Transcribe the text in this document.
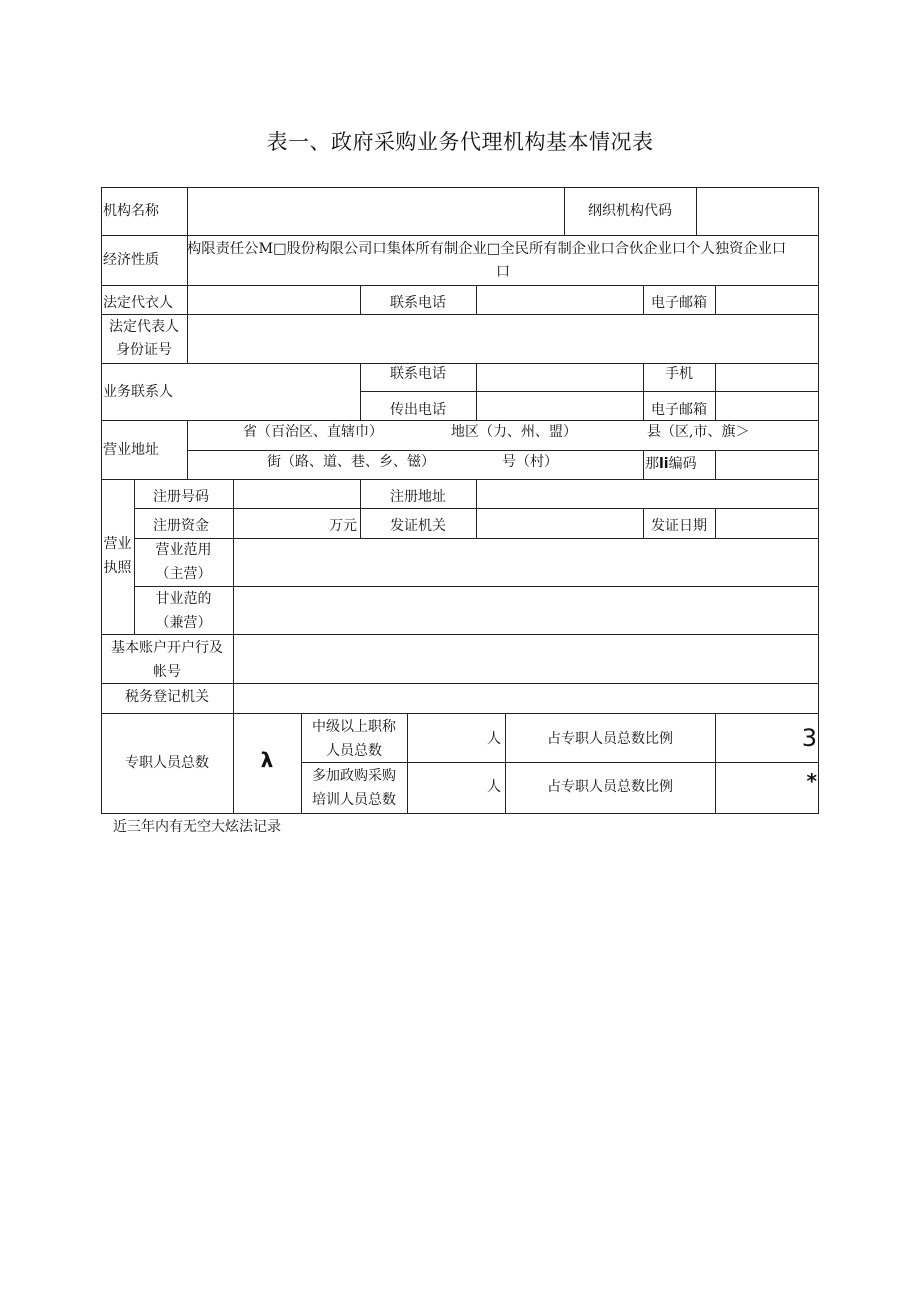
表一、政府采购业务代理机构基本情况表
机构名称	纲织机构代码
经济性质
构限责任公M□股份构限公司口集体所有制企业□全民所有制企业口合伙企业口个人独资企业口
口
法定代衣人	联系电话	电子邮箱
法定代表人
身份证号
业务联系人
联系电话	手机
传出电话	电子邮箱
营业地址
省（百治区、直辖巾）	地区（力、州、盟）	县（区,市、旗＞
街（路、道、巷、乡、镃）	号（村）	那li编码
营业
执照
注册号码	注册地址
注册资金	万元	发证机关	发证日期
营业范用
（主营）
甘业范的
（兼营）
基本账户开户行及
帐号
税务登记机关
专职人员总数	λ
中级以上职称
人员总数
人	占专职人员总数比例	3
多加政购采购
培训人员总数
人	占专职人员总数比例	*
近三年内有无空大炫法记录
